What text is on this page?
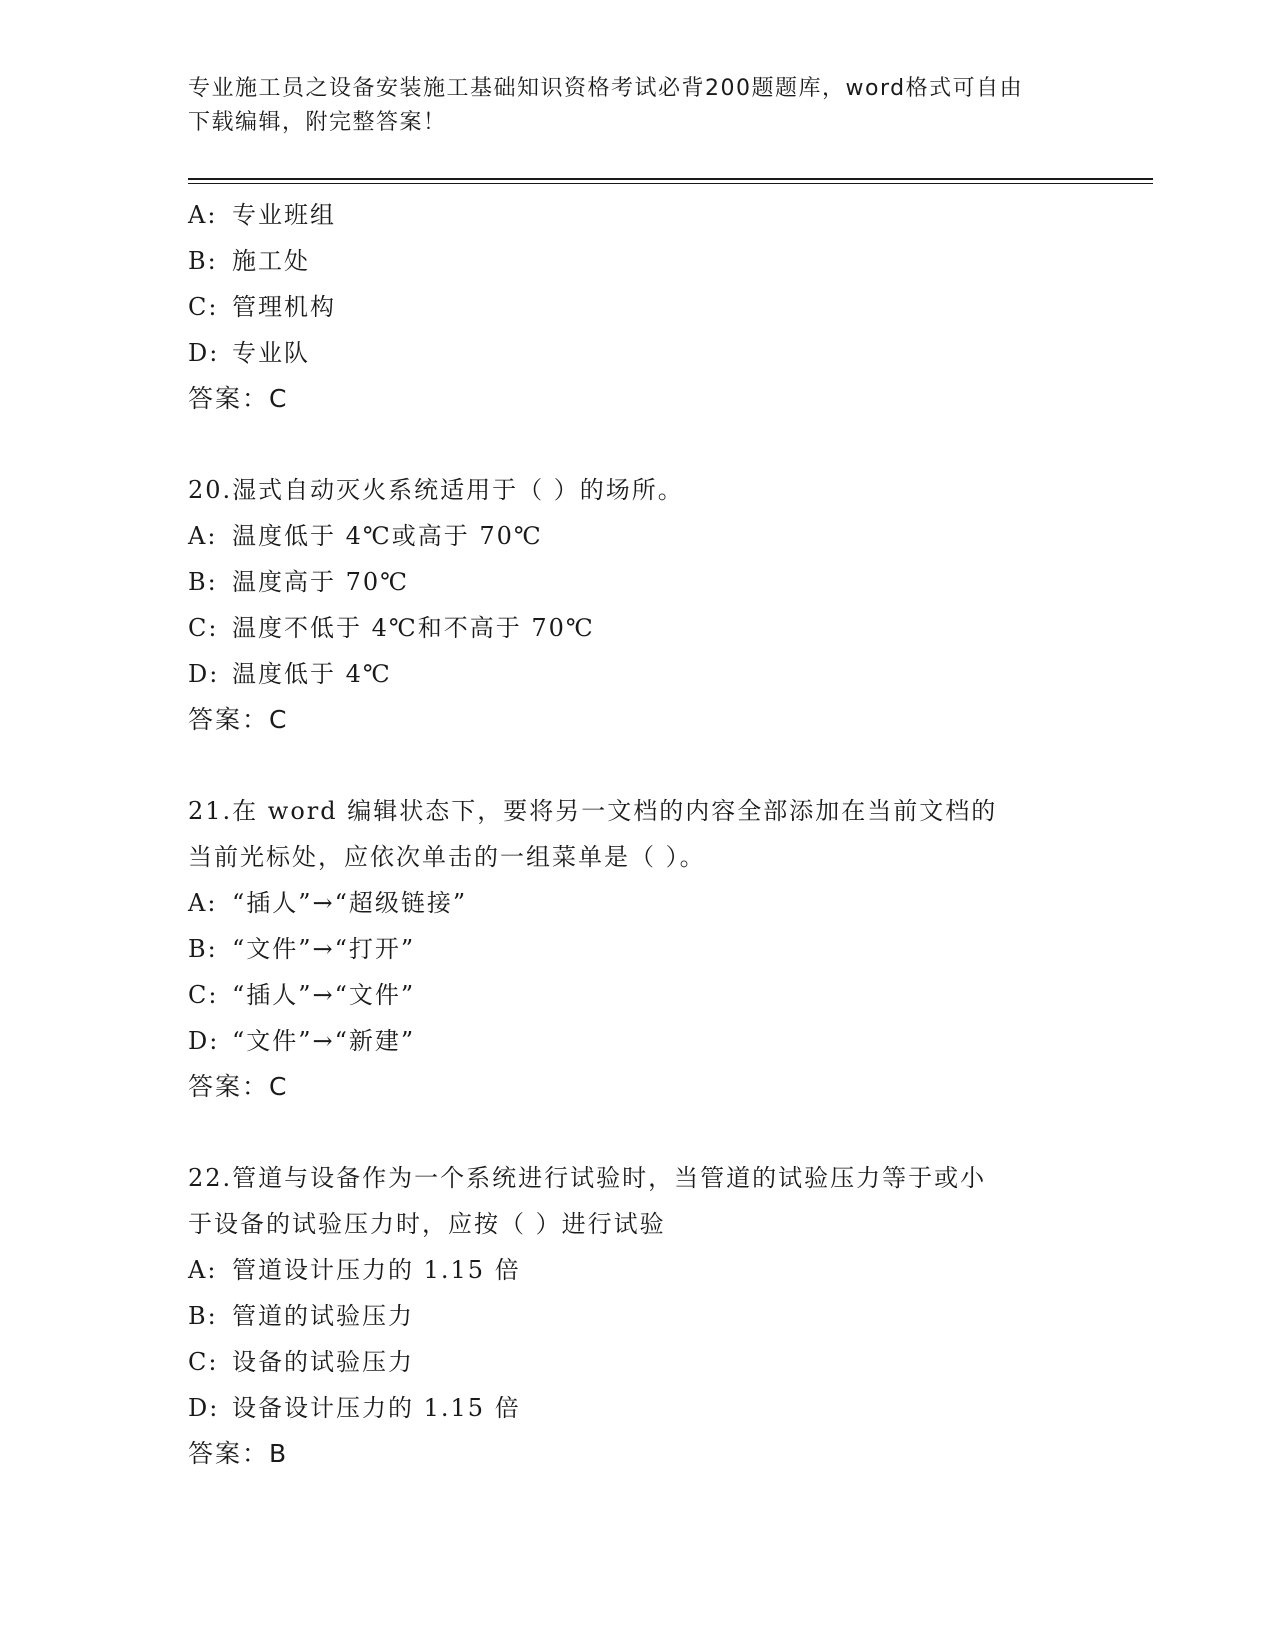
专业施工员之设备安装施工基础知识资格考试必背200题题库，word格式可自由
下载编辑，附完整答案！
A: 专业班组
B: 施工处
C: 管理机构
D: 专业队
答案：C
20.湿式自动灭火系统适用于（ ）的场所。
A: 温度低于 4℃或高于 70℃
B: 温度高于 70℃
C: 温度不低于 4℃和不高于 70℃
D: 温度低于 4℃
答案：C
21.在 word 编辑状态下，要将另一文档的内容全部添加在当前文档的
当前光标处，应依次单击的一组菜单是（ ）。
A: “插人”→“超级链接”
B: “文件”→“打开”
C: “插人”→“文件”
D: “文件”→“新建”
答案：C
22.管道与设备作为一个系统进行试验时，当管道的试验压力等于或小
于设备的试验压力时，应按（ ）进行试验
A: 管道设计压力的 1.15 倍
B: 管道的试验压力
C: 设备的试验压力
D: 设备设计压力的 1.15 倍
答案：B
